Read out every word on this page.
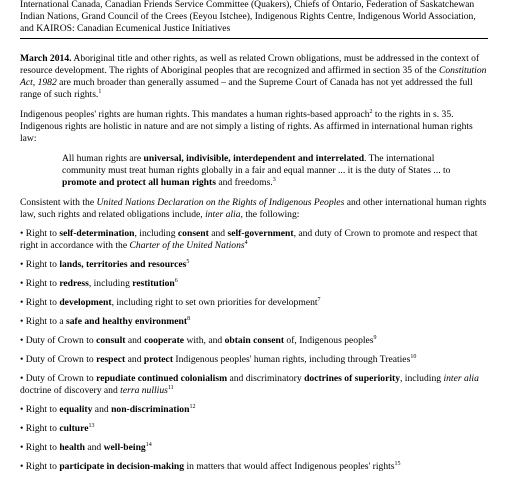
International Canada, Canadian Friends Service Committee (Quakers), Chiefs of Ontario, Federation of Saskatchewan Indian Nations, Grand Council of the Crees (Eeyou Istchee), Indigenous Rights Centre, Indigenous World Association, and KAIROS: Canadian Ecumenical Justice Initiatives

March 2014. Aboriginal title and other rights, as well as related Crown obligations, must be addressed in the context of resource development. The rights of Aboriginal peoples that are recognized and affirmed in section 35 of the Constitution Act, 1982 are much broader than generally assumed – and the Supreme Court of Canada has not yet addressed the full range of such rights.$^1$

Indigenous peoples' rights are human rights. This mandates a human rights-based approach$^2$ to the rights in s. 35. Indigenous rights are holistic in nature and are not simply a listing of rights. As affirmed in international human rights law:

All human rights are universal, indivisible, interdependent and interrelated. The international community must treat human rights globally in a fair and equal manner ... it is the duty of States ... to promote and protect all human rights and freedoms.$^3$

Consistent with the United Nations Declaration on the Rights of Indigenous Peoples and other international human rights law, such rights and related obligations include, inter alia, the following:

• Right to self-determination, including consent and self-government, and duty of Crown to promote and respect that right in accordance with the Charter of the United Nations$^4$

• Right to lands, territories and resources$^5$

• Right to redress, including restitution$^6$

• Right to development, including right to set own priorities for development$^7$

• Right to a safe and healthy environment$^8$

• Duty of Crown to consult and cooperate with, and obtain consent of, Indigenous peoples$^9$

• Duty of Crown to respect and protect Indigenous peoples' human rights, including through Treaties$^{10}$

• Duty of Crown to repudiate continued colonialism and discriminatory doctrines of superiority, including inter alia doctrine of discovery and terra nullius$^{11}$

• Right to equality and non-discrimination$^{12}$

• Right to culture$^{13}$

• Right to health and well-being$^{14}$

• Right to participate in decision-making in matters that would affect Indigenous peoples' rights$^{15}$
